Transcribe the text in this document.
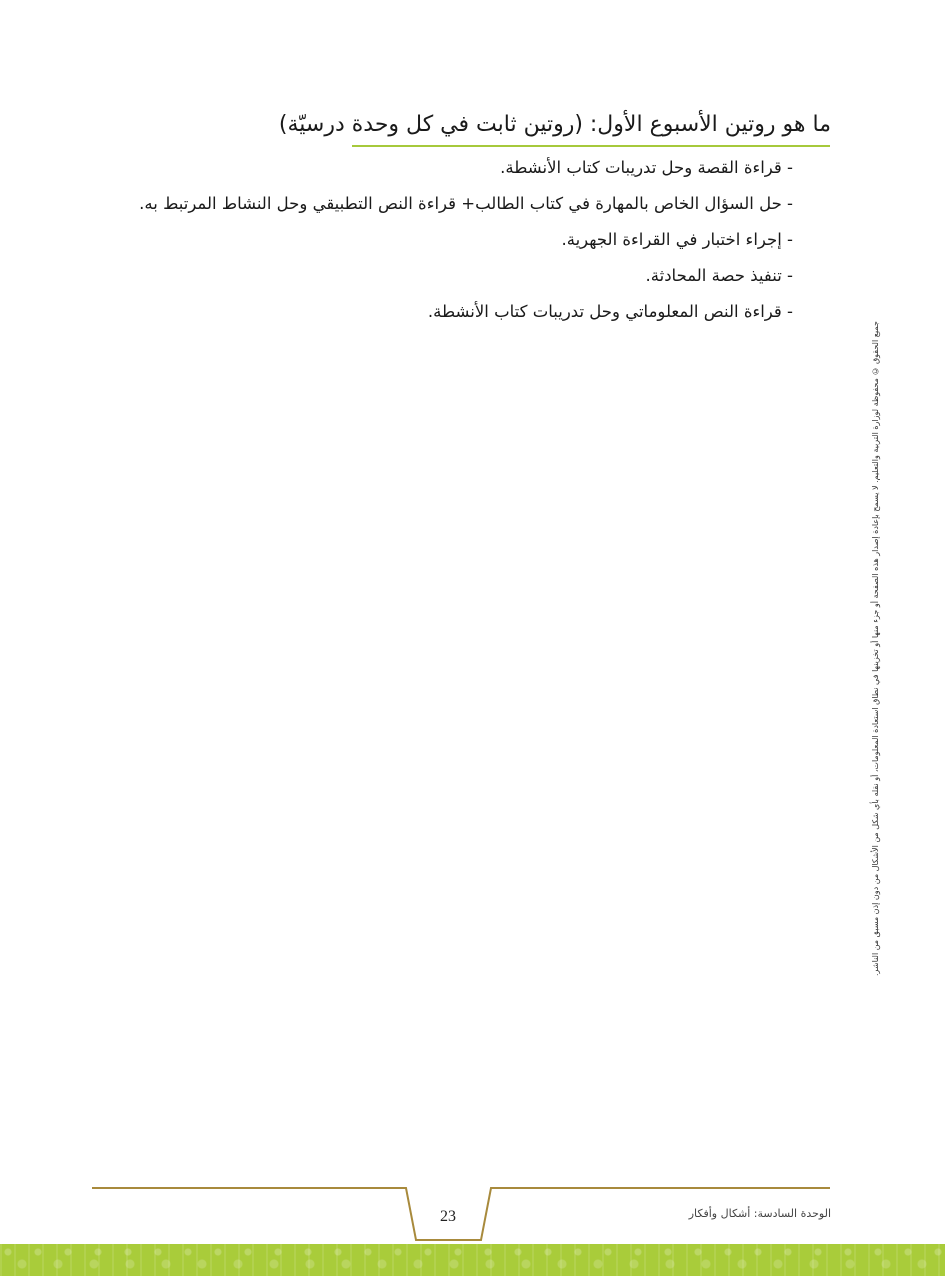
ما هو روتين الأسبوع الأول: (روتين ثابت في كل وحدة درسيّة)
- قراءة القصة وحل تدريبات كتاب الأنشطة.
- حل السؤال الخاص بالمهارة في كتاب الطالب+ قراءة النص التطبيقي وحل النشاط المرتبط به.
- إجراء اختبار في القراءة الجهرية.
- تنفيذ حصة المحادثة.
- قراءة النص المعلوماتي وحل تدريبات كتاب الأنشطة.
جميع الحقوق © محفوظة لوزارة التربية والتعليم. لا يسمح بإعادة إصدار هذه الصفحة أو جزء منها أو تخزينها في نطاق استعادة المعلومات، أو نقله بأي شكل من الأشكال من دون إذن مسبق من الناشر.
23	الوحدة السادسة: أشكال وأفكار
